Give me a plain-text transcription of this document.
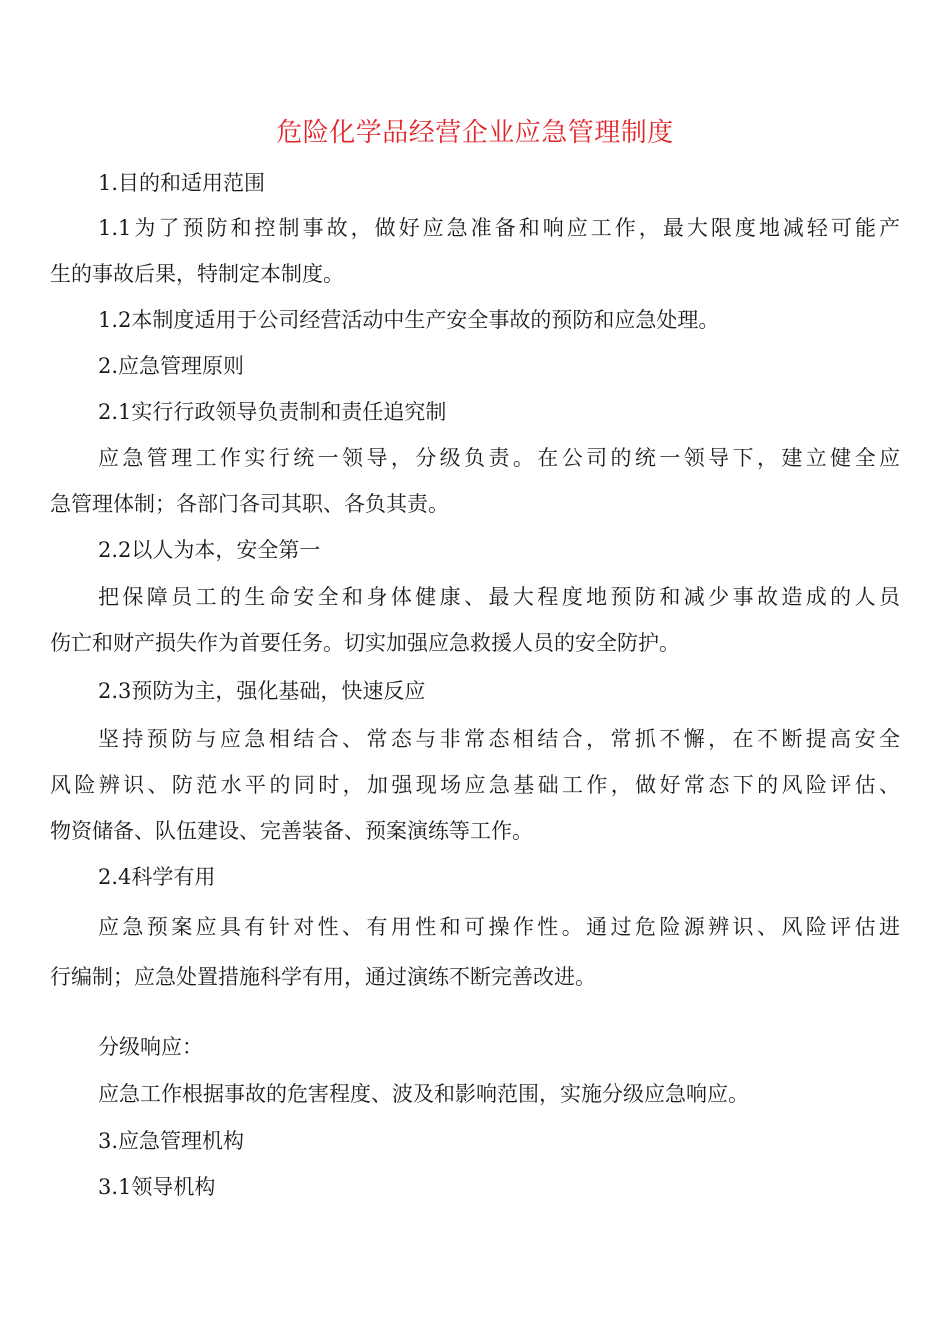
危险化学品经营企业应急管理制度

1.目的和适用范围

1.1为了预防和控制事故，做好应急准备和响应工作，最大限度地减轻可能产

生的事故后果，特制定本制度。

1.2本制度适用于公司经营活动中生产安全事故的预防和应急处理。

2.应急管理原则

2.1实行行政领导负责制和责任追究制

应急管理工作实行统一领导，分级负责。在公司的统一领导下，建立健全应

急管理体制；各部门各司其职、各负其责。

2.2以人为本，安全第一

把保障员工的生命安全和身体健康、最大程度地预防和减少事故造成的人员

伤亡和财产损失作为首要任务。切实加强应急救援人员的安全防护。

2.3预防为主，强化基础，快速反应

坚持预防与应急相结合、常态与非常态相结合，常抓不懈，在不断提高安全

风险辨识、防范水平的同时，加强现场应急基础工作，做好常态下的风险评估、

物资储备、队伍建设、完善装备、预案演练等工作。

2.4科学有用

应急预案应具有针对性、有用性和可操作性。通过危险源辨识、风险评估进

行编制；应急处置措施科学有用，通过演练不断完善改进。

分级响应：

应急工作根据事故的危害程度、波及和影响范围，实施分级应急响应。

3.应急管理机构

3.1领导机构
